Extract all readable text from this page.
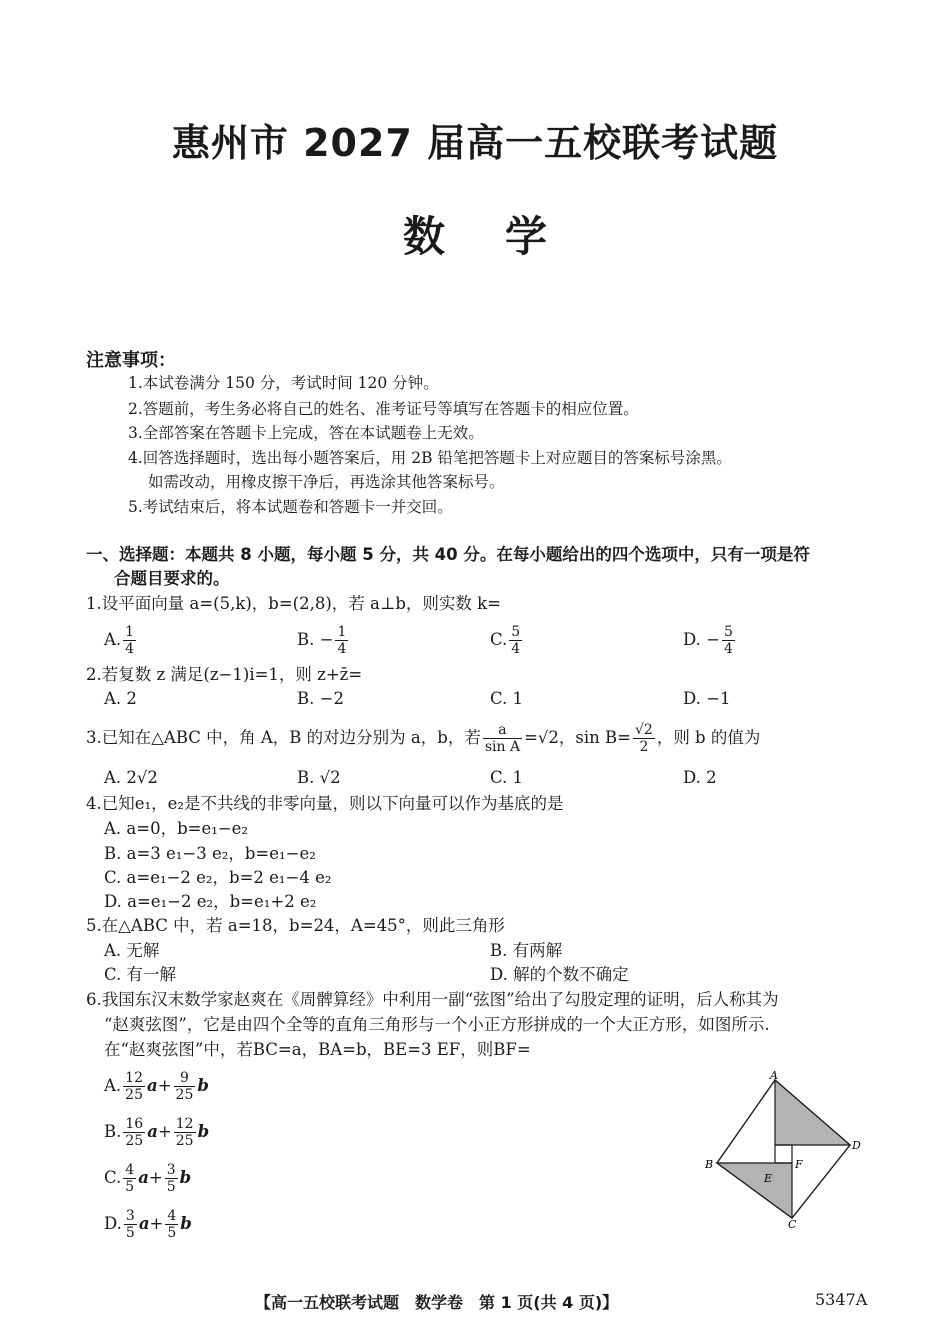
惠州市 2027 届高一五校联考试题
数学
注意事项：
1.本试卷满分 150 分，考试时间 120 分钟。
2.答题前，考生务必将自己的姓名、准考证号等填写在答题卡的相应位置。
3.全部答案在答题卡上完成，答在本试题卷上无效。
4.回答选择题时，选出每小题答案后，用 2B 铅笔把答题卡上对应题目的答案标号涂黑。
如需改动，用橡皮擦干净后，再选涂其他答案标号。
5.考试结束后，将本试题卷和答题卡一并交回。
一、选择题：本题共 8 小题，每小题 5 分，共 40 分。在每小题给出的四个选项中，只有一项是符
合题目要求的。
1.设平面向量 a=(5,k)，b=(2,8)，若 a⊥b，则实数 k=
A. $\frac{1}{4}$	B. − $\frac{1}{4}$	C. $\frac{5}{4}$	D. − $\frac{5}{4}$
2.若复数 z 满足(z−1)i=1，则 z+z̄=
A. 2	B. −2	C. 1	D. −1
3.已知在△ABC 中，角 A，B 的对边分别为 a，b，若 $\frac{a}{\text{sin A}} =√2$，$\sin B= \frac{√2}{2}$ ，则 b 的值为
A. 2√2	B. √2	C. 1	D. 2
4.已知e₁，e₂是不共线的非零向量，则以下向量可以作为基底的是
A. a=0，b=e₁−e₂
B. a=3 e₁−3 e₂，b=e₁−e₂
C. a=e₁−2 e₂，b=2 e₁−4 e₂
D. a=e₁−2 e₂，b=e₁+2 e₂
5.在△ABC 中，若 a=18，b=24，A=45°，则此三角形
A. 无解	B. 有两解
C. 有一解	D. 解的个数不确定
6.我国东汉末数学家赵爽在《周髀算经》中利用一副“弦图”给出了勾股定理的证明，后人称其为
“赵爽弦图”，它是由四个全等的直角三角形与一个小正方形拼成的一个大正方形，如图所示.
在“赵爽弦图”中，若BC=a，BA=b，BE=3 EF，则BF=
A. $\frac{12}{25} a+ \frac{9}{25}$ b
B. $\frac{16}{25} a+ \frac{12}{25}$ b
C. $\frac{4}{5} a+ \frac{3}{5}$ b
D. $\frac{3}{5} a+ \frac{4}{5}$ b
A
D
B
C
E
F
【高一五校联考试题　数学卷　第 1 页(共 4 页)】	5347A
